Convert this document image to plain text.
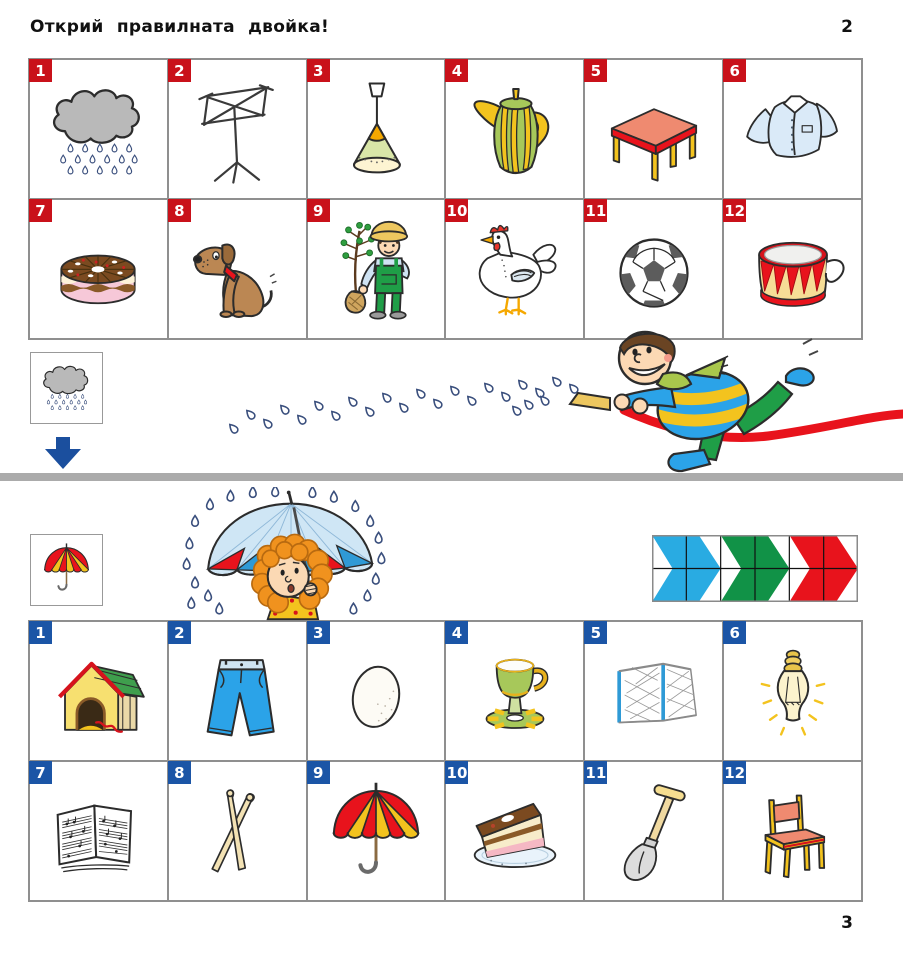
Открий правилната двойка!	2
1	2	3	4	5	6
7	8	9	10	11	12
1	2	3	4	5	6
7	8	9	10	11	12
3
